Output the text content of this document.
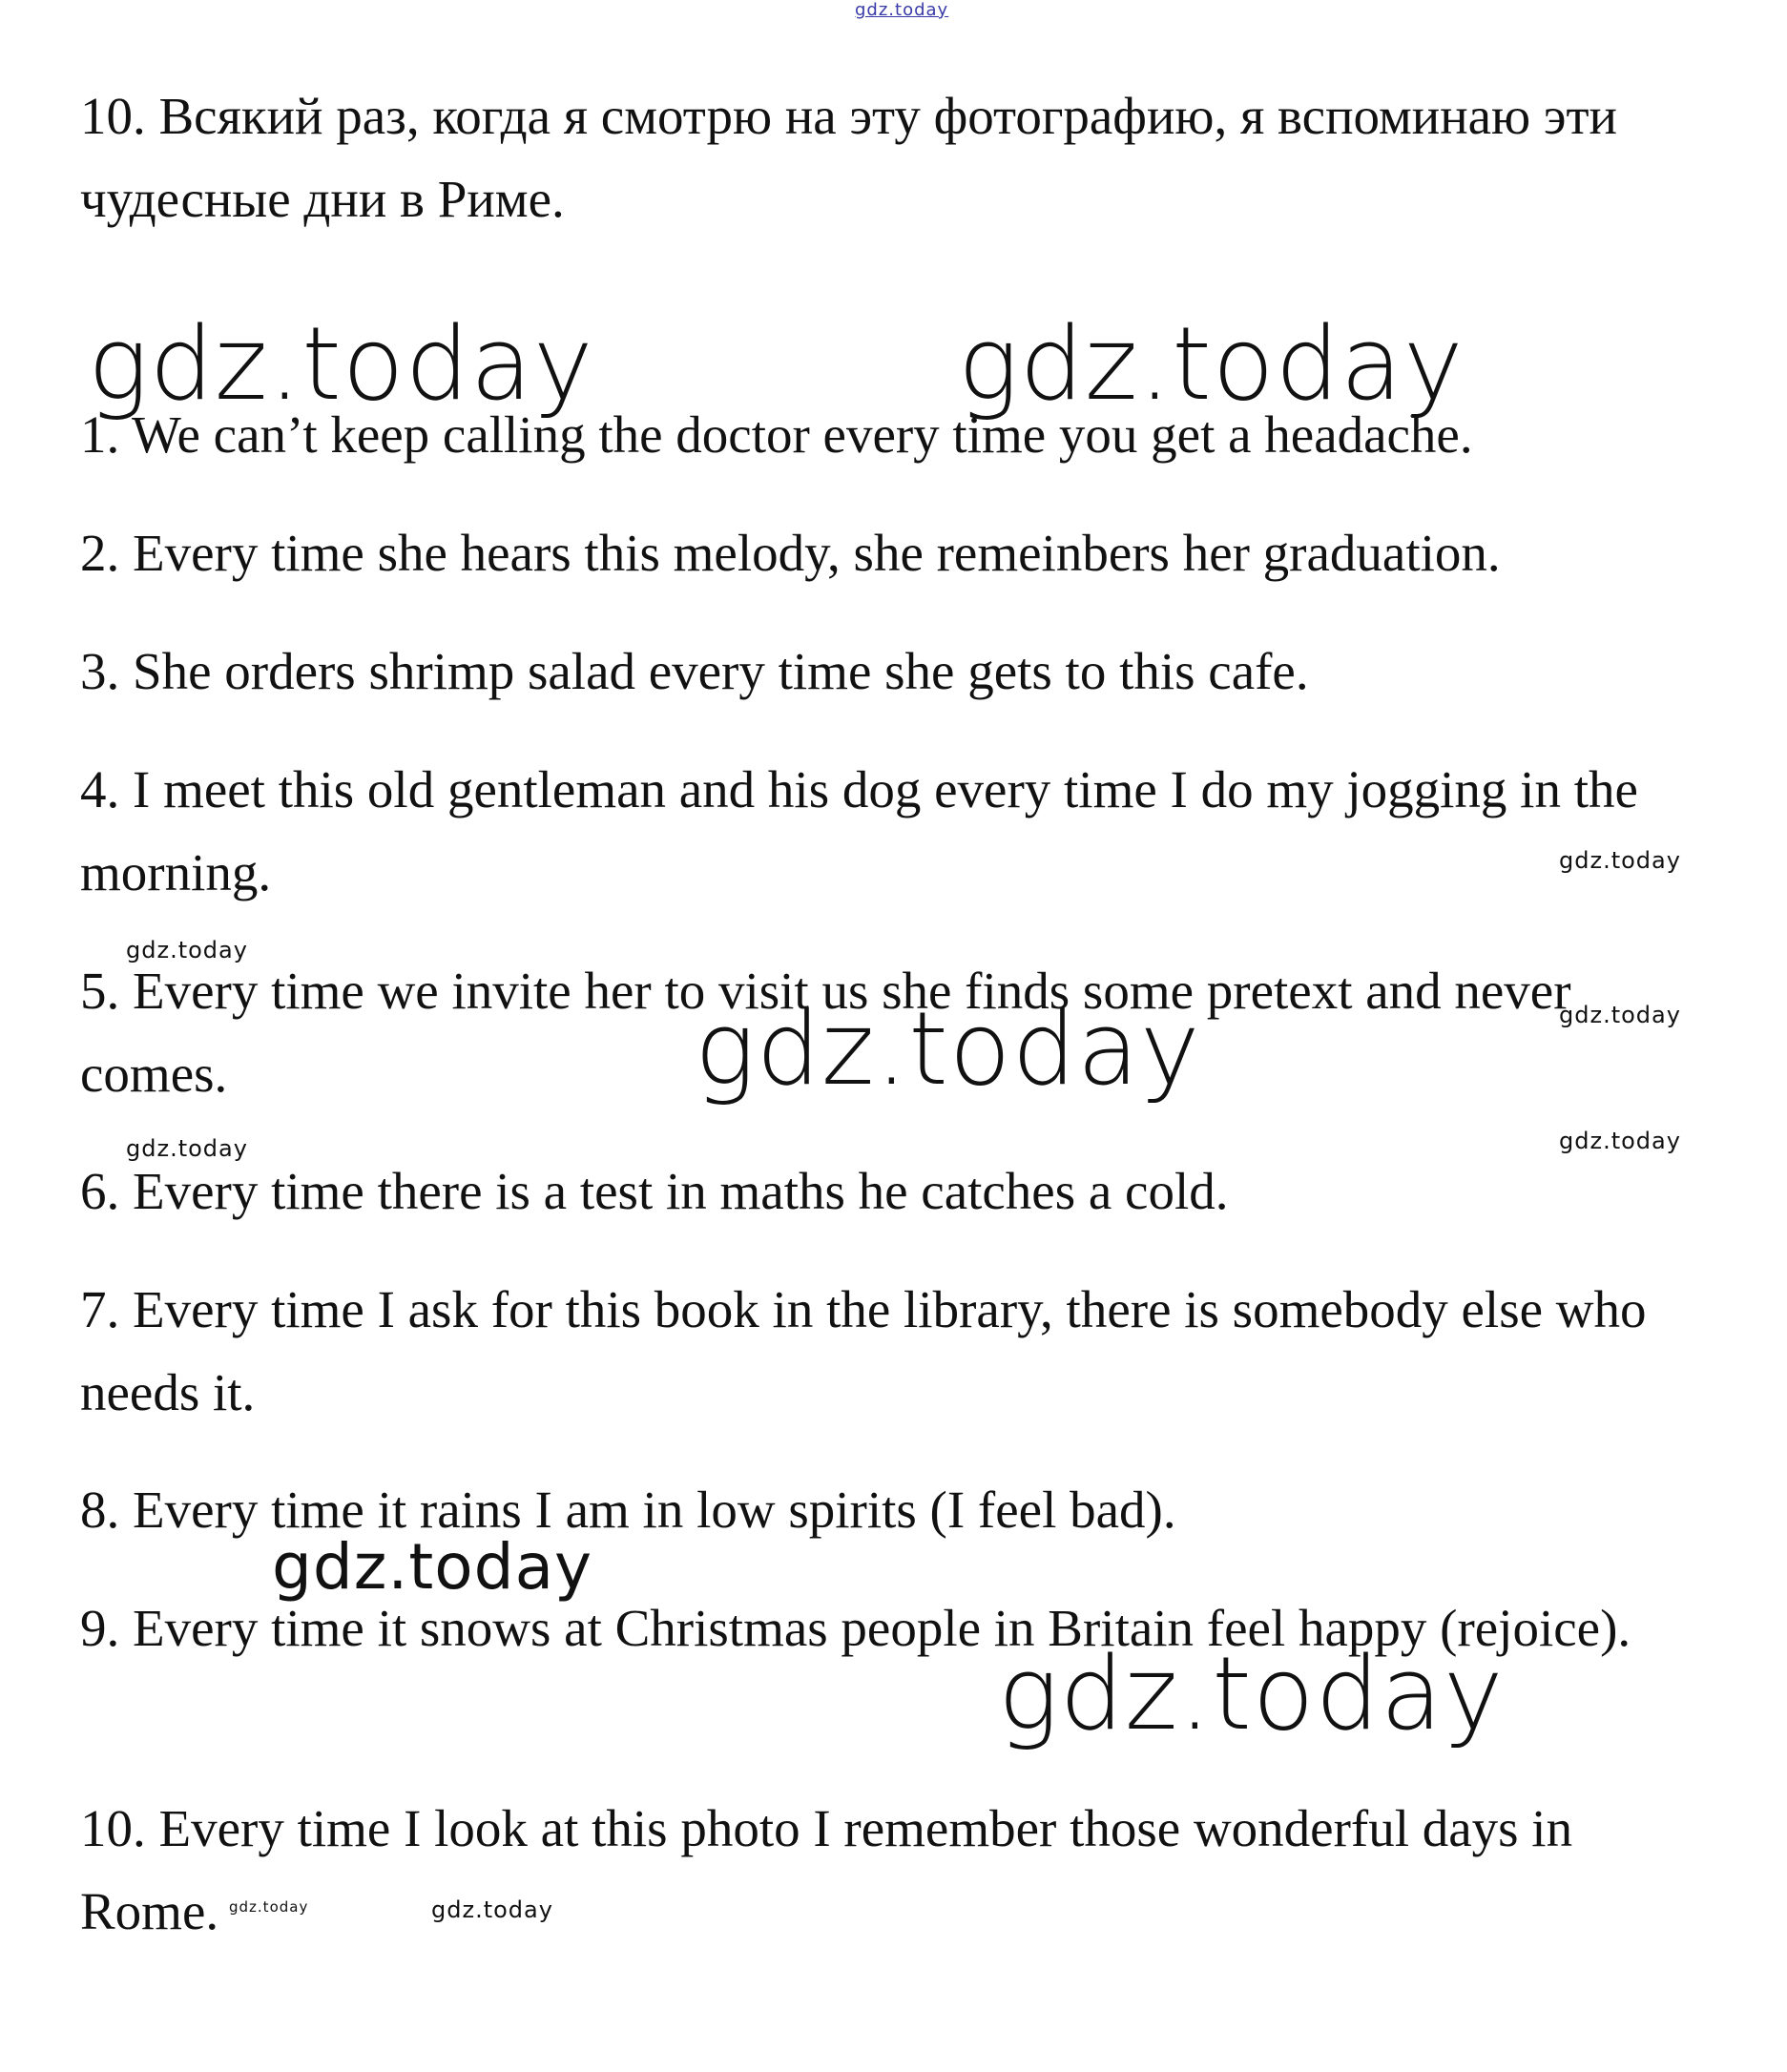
gdz.today
gdz.today	gdz.today
gdz.today
gdz.today
gdz.today
gdz.today
gdz.today
gdz.today
gdz.today
gdz.today
gdz.today	gdz.today

10. Всякий раз, когда я смотрю на эту фотографию, я вспоминаю эти чудесные дни в Риме.

1. We can’t keep calling the doctor every time you get a headache.

2. Every time she hears this melody, she remeinbers her graduation.

3. She orders shrimp salad every time she gets to this cafe.

4. I meet this old gentleman and his dog every time I do my jogging in the morning.

5. Every time we invite her to visit us she finds some pretext and never comes.

6. Every time there is a test in maths he catches a cold.

7. Every time I ask for this book in the library, there is somebody else who needs it.

8. Every time it rains I am in low spirits (I feel bad).

9. Every time it snows at Christmas people in Britain feel happy (rejoice).

10. Every time I look at this photo I remember those wonderful days in Rome.
